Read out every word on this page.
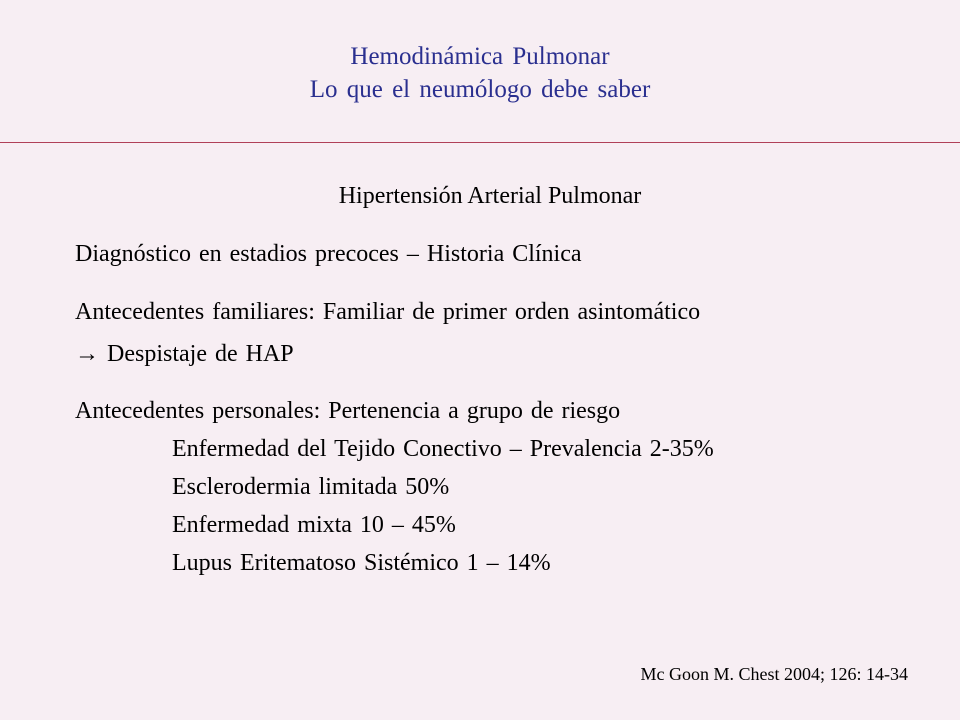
Hemodinámica Pulmonar
Lo que el neumólogo debe saber
Hipertensión Arterial Pulmonar
Diagnóstico en estadios precoces – Historia Clínica
Antecedentes familiares: Familiar de primer orden asintomático
→ Despistaje de HAP
Antecedentes personales: Pertenencia a grupo de riesgo
Enfermedad del Tejido Conectivo – Prevalencia 2-35%
Esclerodermia limitada 50%
Enfermedad mixta 10 – 45%
Lupus Eritematoso Sistémico 1 – 14%
Mc Goon M. Chest 2004; 126: 14-34
